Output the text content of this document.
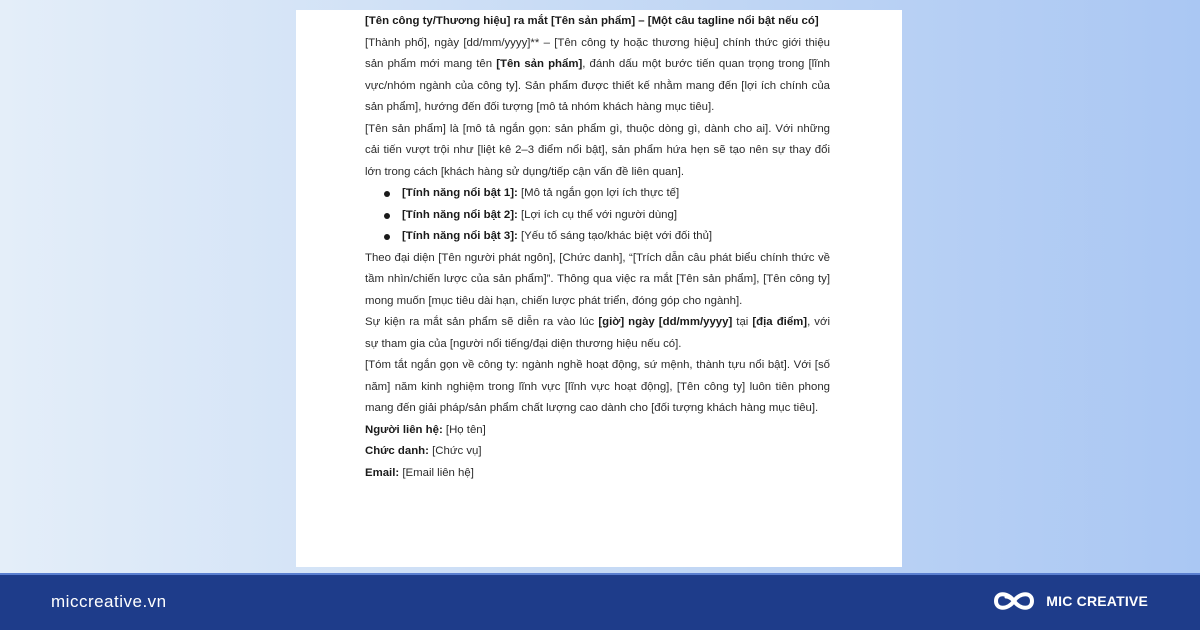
[Tên công ty/Thương hiệu] ra mắt [Tên sản phẩm] – [Một câu tagline nổi bật nếu có]

[Thành phố], ngày [dd/mm/yyyy]** – [Tên công ty hoặc thương hiệu] chính thức giới thiệu sản phẩm mới mang tên [Tên sản phẩm], đánh dấu một bước tiến quan trọng trong [lĩnh vực/nhóm ngành của công ty]. Sản phẩm được thiết kế nhằm mang đến [lợi ích chính của sản phẩm], hướng đến đối tượng [mô tả nhóm khách hàng mục tiêu].

[Tên sản phẩm] là [mô tả ngắn gọn: sản phẩm gì, thuộc dòng gì, dành cho ai]. Với những cải tiến vượt trội như [liệt kê 2–3 điểm nổi bật], sản phẩm hứa hẹn sẽ tạo nên sự thay đổi lớn trong cách [khách hàng sử dụng/tiếp cận vấn đề liên quan].

[Tính năng nổi bật 1]: [Mô tả ngắn gọn lợi ích thực tế]
[Tính năng nổi bật 2]: [Lợi ích cụ thể với người dùng]
[Tính năng nổi bật 3]: [Yếu tố sáng tạo/khác biệt với đối thủ]

Theo đại diện [Tên người phát ngôn], [Chức danh], “[Trích dẫn câu phát biểu chính thức về tầm nhìn/chiến lược của sản phẩm]”. Thông qua việc ra mắt [Tên sản phẩm], [Tên công ty] mong muốn [mục tiêu dài hạn, chiến lược phát triển, đóng góp cho ngành].

Sự kiện ra mắt sản phẩm sẽ diễn ra vào lúc [giờ] ngày [dd/mm/yyyy] tại [địa điểm], với sự tham gia của [người nổi tiếng/đại diện thương hiệu nếu có].

[Tóm tắt ngắn gọn về công ty: ngành nghề hoạt động, sứ mệnh, thành tựu nổi bật]. Với [số năm] năm kinh nghiệm trong lĩnh vực [lĩnh vực hoạt động], [Tên công ty] luôn tiên phong mang đến giải pháp/sản phẩm chất lượng cao dành cho [đối tượng khách hàng mục tiêu].

Người liên hệ: [Họ tên]

Chức danh: [Chức vụ]

Email: [Email liên hệ]

miccreative.vn	MIC CREATIVE
